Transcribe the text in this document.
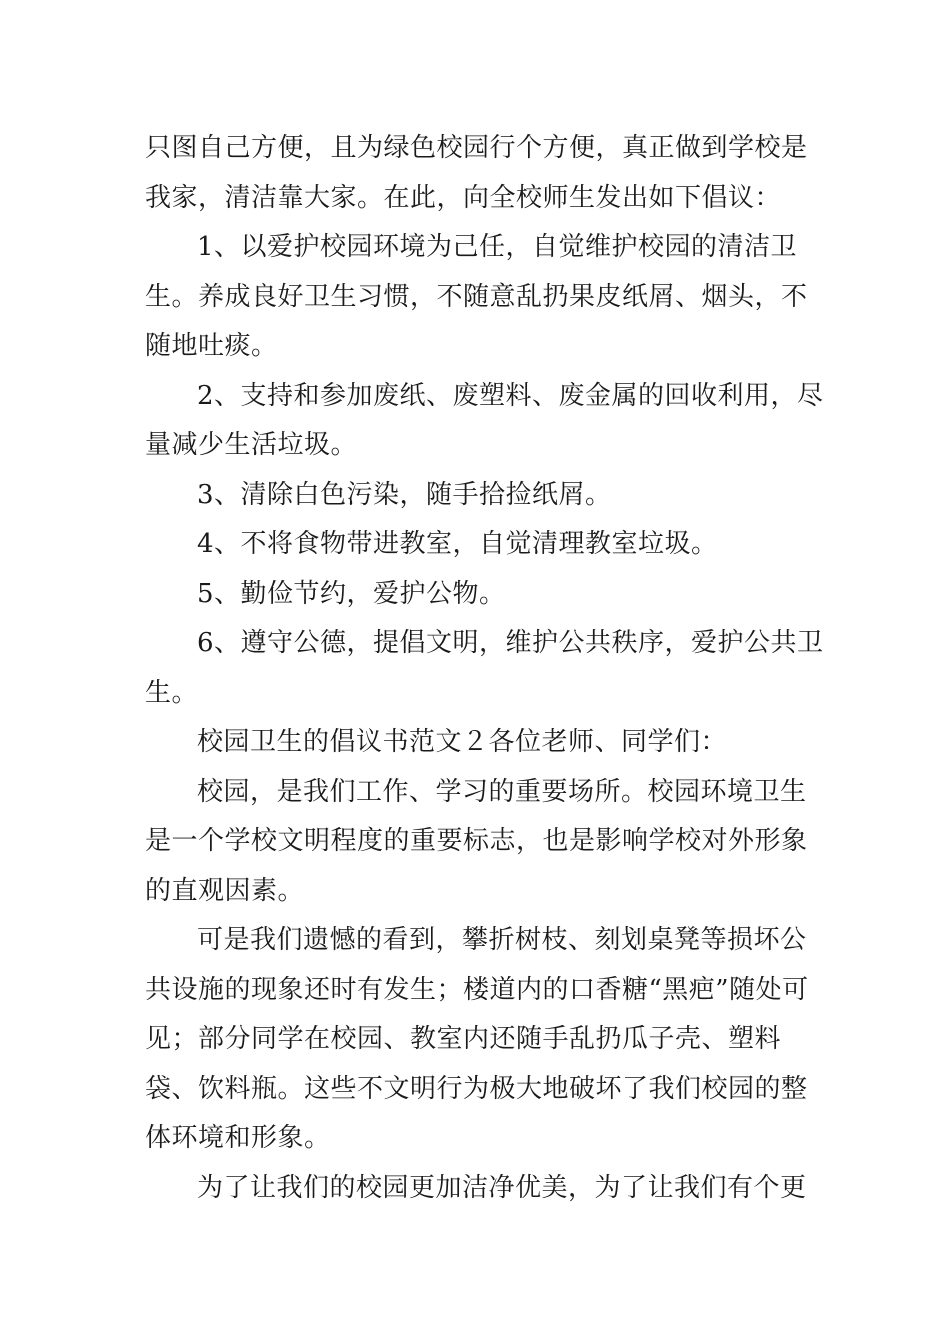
只图自己方便，且为绿色校园行个方便，真正做到学校是我家，清洁靠大家。在此，向全校师生发出如下倡议：

1、以爱护校园环境为己任，自觉维护校园的清洁卫生。养成良好卫生习惯，不随意乱扔果皮纸屑、烟头，不随地吐痰。

2、支持和参加废纸、废塑料、废金属的回收利用，尽量减少生活垃圾。

3、清除白色污染，随手拾捡纸屑。

4、不将食物带进教室，自觉清理教室垃圾。

5、勤俭节约，爱护公物。

6、遵守公德，提倡文明，维护公共秩序，爱护公共卫生。

校园卫生的倡议书范文２各位老师、同学们：

校园，是我们工作、学习的重要场所。校园环境卫生是一个学校文明程度的重要标志，也是影响学校对外形象的直观因素。

可是我们遗憾的看到，攀折树枝、刻划桌凳等损坏公共设施的现象还时有发生；楼道内的口香糖“黑疤”随处可见；部分同学在校园、教室内还随手乱扔瓜子壳、塑料袋、饮料瓶。这些不文明行为极大地破坏了我们校园的整体环境和形象。

为了让我们的校园更加洁净优美，为了让我们有个更
